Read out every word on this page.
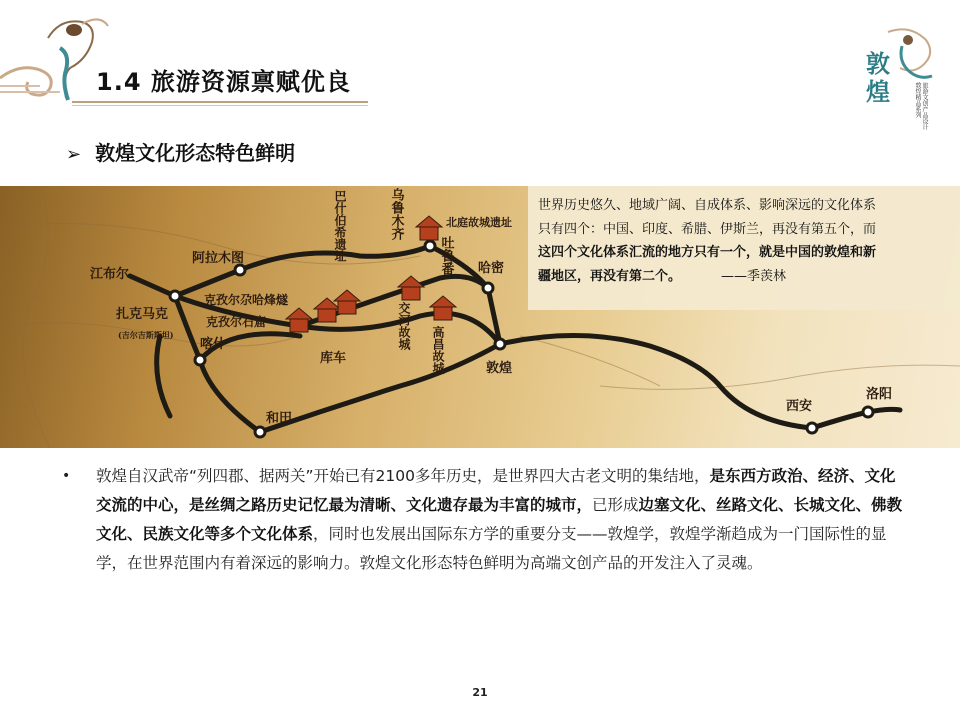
1.4 旅游资源禀赋优良
敦
煌	旅游文创产品设计 敦煌精品系列
➢ 敦煌文化形态特色鲜明
江布尔
阿拉木图
扎克马克
(吉尔吉斯斯坦)
克孜尔尕哈烽燧
克孜尔石窟
喀什
和田
库车
巴什伯希遗址	乌鲁木齐	北庭故城遗址
吐鲁番
交河故城 高昌故城
哈密
敦煌
西安
洛阳
世界历史悠久、地域广阔、自成体系、影响深远的文化体系
只有四个：中国、印度、希腊、伊斯兰，再没有第五个，而
这四个文化体系汇流的地方只有一个，就是中国的敦煌和新
疆地区，再没有第二个。	——季羡林
• 敦煌自汉武帝“列四郡、据两关”开始已有2100多年历史，是世界四大古老文明的集结地，是东西方政治、经济、文化交流的中心，是丝绸之路历史记忆最为清晰、文化遗存最为丰富的城市，已形成边塞文化、丝路文化、长城文化、佛教文化、民族文化等多个文化体系，同时也发展出国际东方学的重要分支——敦煌学，敦煌学渐趋成为一门国际性的显学，在世界范围内有着深远的影响力。敦煌文化形态特色鲜明为高端文创产品的开发注入了灵魂。
21
